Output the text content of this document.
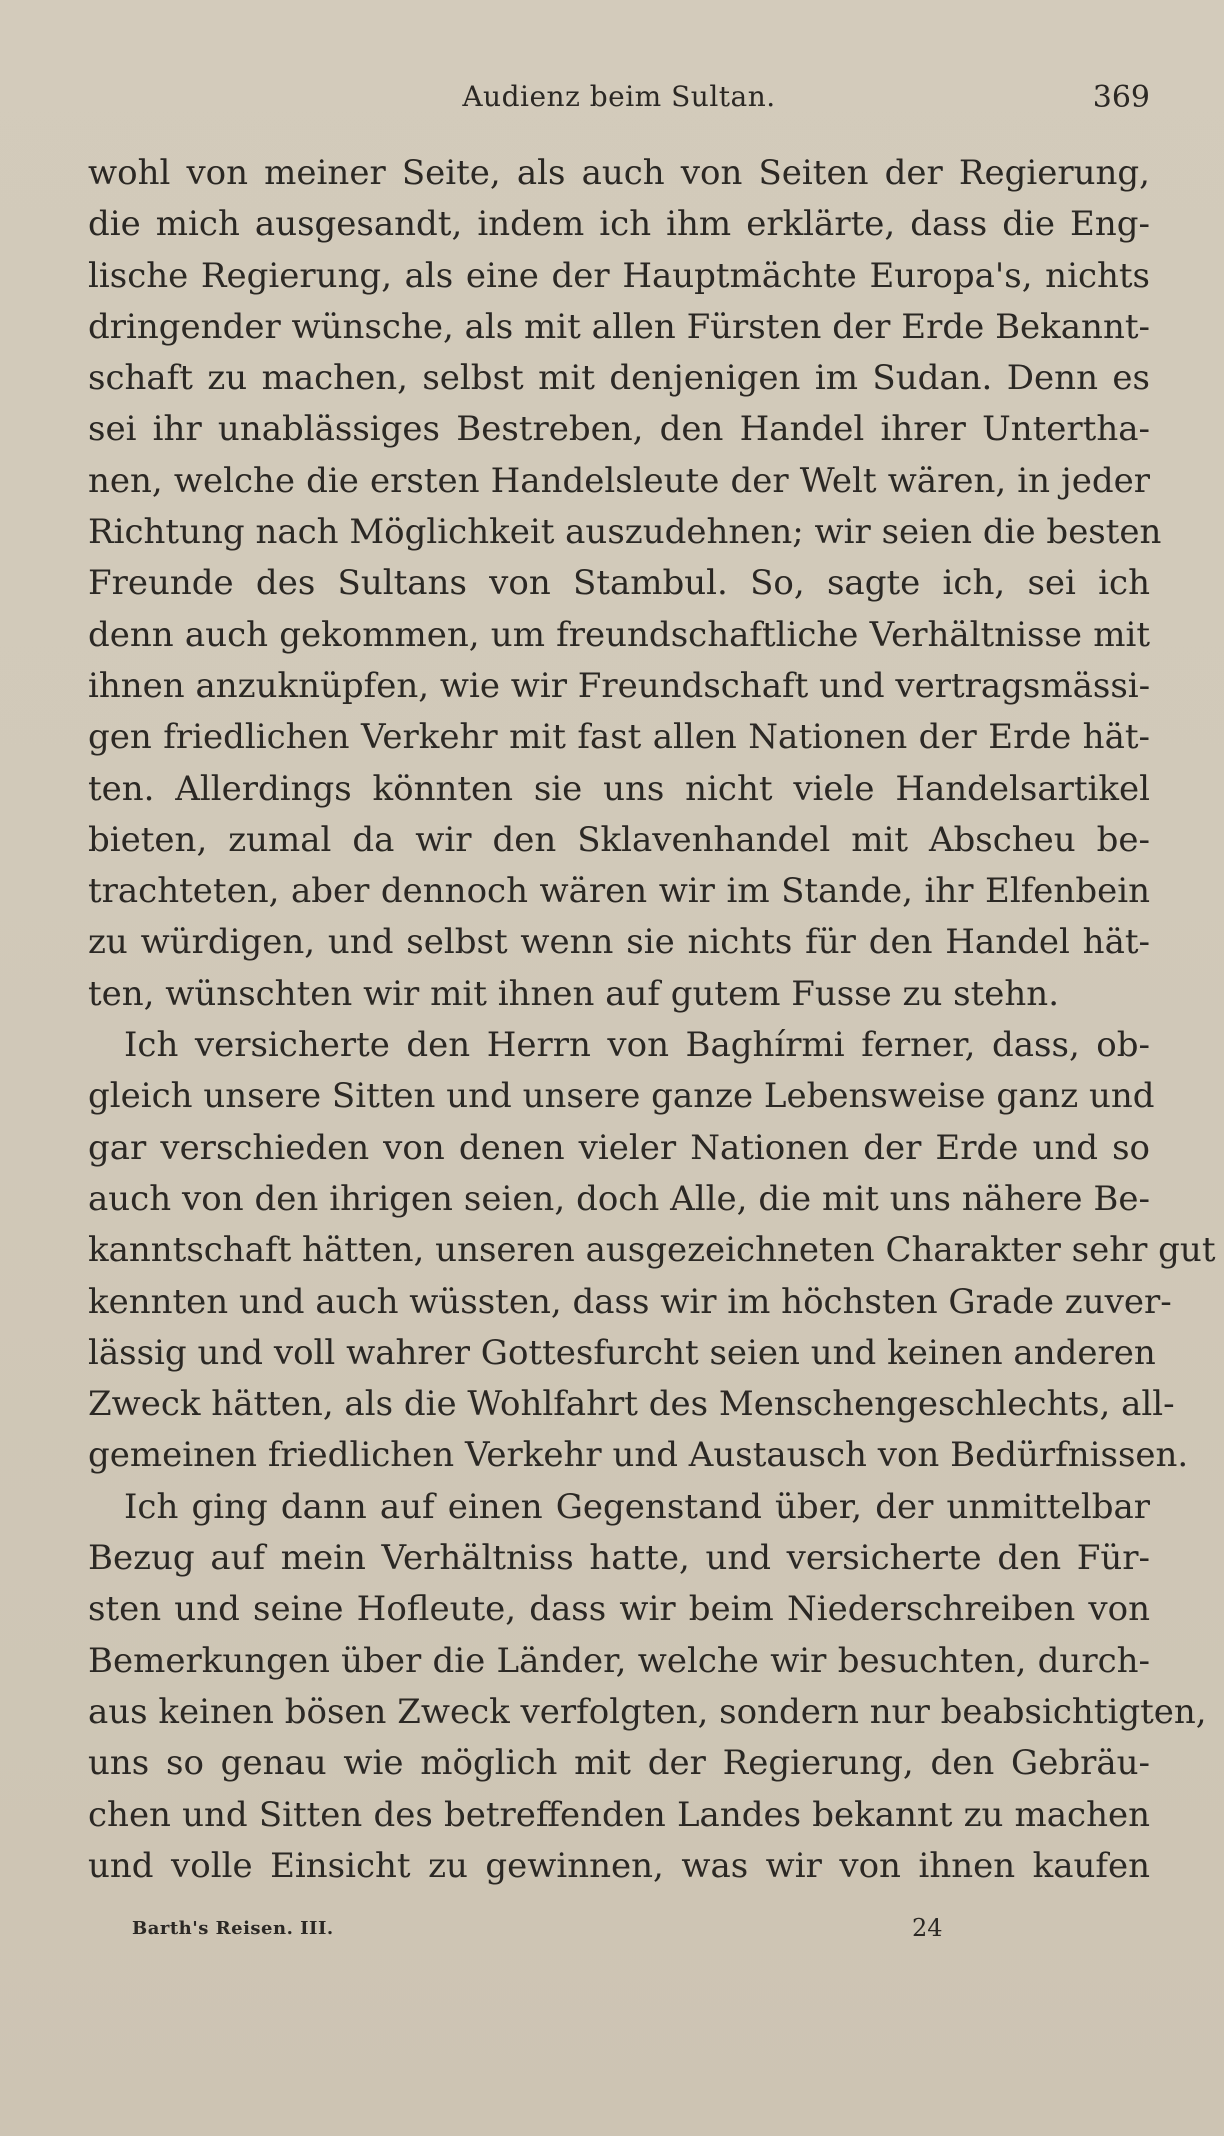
Audienz beim Sultan.	369
wohl von meiner Seite, als auch von Seiten der Regierung,
die mich ausgesandt, indem ich ihm erklärte, dass die Eng-
lische Regierung, als eine der Hauptmächte Europa's, nichts
dringender wünsche, als mit allen Fürsten der Erde Bekannt-
schaft zu machen, selbst mit denjenigen im Sudan. Denn es
sei ihr unablässiges Bestreben, den Handel ihrer Untertha-
nen, welche die ersten Handelsleute der Welt wären, in jeder
Richtung nach Möglichkeit auszudehnen; wir seien die besten
Freunde des Sultans von Stambul. So, sagte ich, sei ich
denn auch gekommen, um freundschaftliche Verhältnisse mit
ihnen anzuknüpfen, wie wir Freundschaft und vertragsmässi-
gen friedlichen Verkehr mit fast allen Nationen der Erde hät-
ten. Allerdings könnten sie uns nicht viele Handelsartikel
bieten, zumal da wir den Sklavenhandel mit Abscheu be-
trachteten, aber dennoch wären wir im Stande, ihr Elfenbein
zu würdigen, und selbst wenn sie nichts für den Handel hät-
ten, wünschten wir mit ihnen auf gutem Fusse zu stehn.
Ich versicherte den Herrn von Baghírmi ferner, dass, ob-
gleich unsere Sitten und unsere ganze Lebensweise ganz und
gar verschieden von denen vieler Nationen der Erde und so
auch von den ihrigen seien, doch Alle, die mit uns nähere Be-
kanntschaft hätten, unseren ausgezeichneten Charakter sehr gut
kennten und auch wüssten, dass wir im höchsten Grade zuver-
lässig und voll wahrer Gottesfurcht seien und keinen anderen
Zweck hätten, als die Wohlfahrt des Menschengeschlechts, all-
gemeinen friedlichen Verkehr und Austausch von Bedürfnissen.
Ich ging dann auf einen Gegenstand über, der unmittelbar
Bezug auf mein Verhältniss hatte, und versicherte den Für-
sten und seine Hofleute, dass wir beim Niederschreiben von
Bemerkungen über die Länder, welche wir besuchten, durch-
aus keinen bösen Zweck verfolgten, sondern nur beabsichtigten,
uns so genau wie möglich mit der Regierung, den Gebräu-
chen und Sitten des betreffenden Landes bekannt zu machen
und volle Einsicht zu gewinnen, was wir von ihnen kaufen
Barth's Reisen. III.	24
